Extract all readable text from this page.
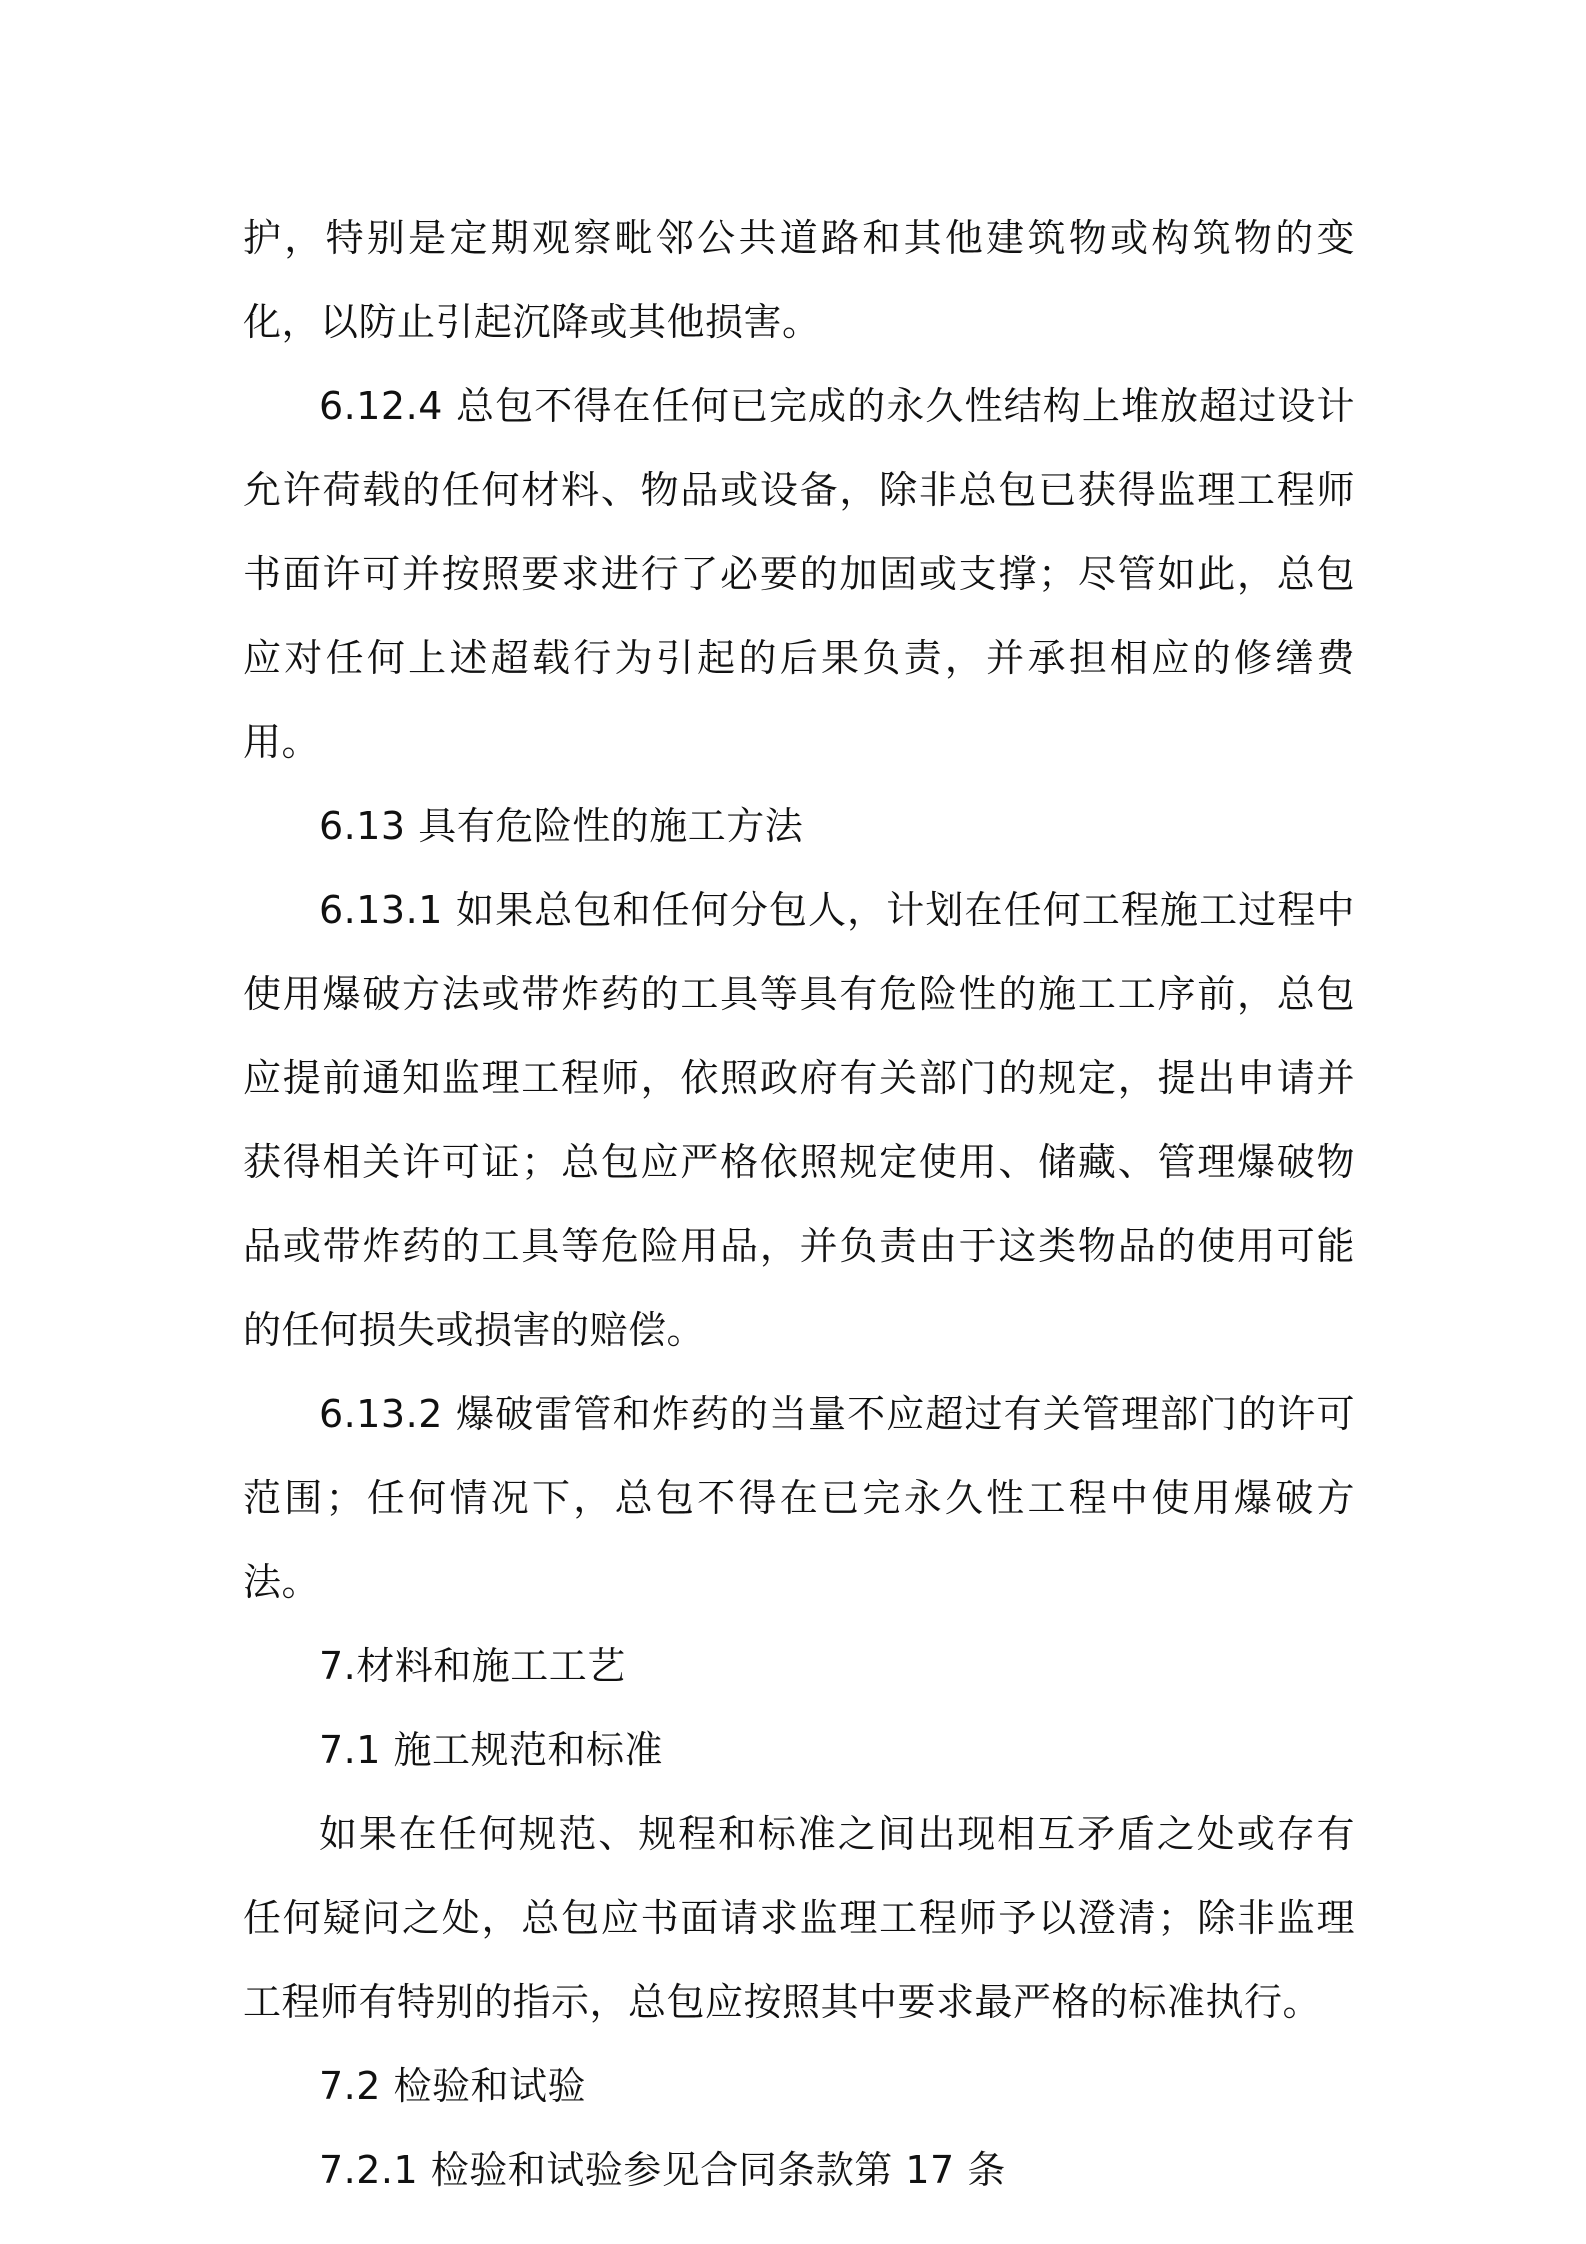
护，特别是定期观察毗邻公共道路和其他建筑物或构筑物的变化，以防止引起沉降或其他损害。

6.12.4 总包不得在任何已完成的永久性结构上堆放超过设计允许荷载的任何材料、物品或设备，除非总包已获得监理工程师书面许可并按照要求进行了必要的加固或支撑；尽管如此，总包应对任何上述超载行为引起的后果负责，并承担相应的修缮费用。

6.13 具有危险性的施工方法

6.13.1 如果总包和任何分包人，计划在任何工程施工过程中使用爆破方法或带炸药的工具等具有危险性的施工工序前，总包应提前通知监理工程师，依照政府有关部门的规定，提出申请并获得相关许可证；总包应严格依照规定使用、储藏、管理爆破物品或带炸药的工具等危险用品，并负责由于这类物品的使用可能的任何损失或损害的赔偿。

6.13.2 爆破雷管和炸药的当量不应超过有关管理部门的许可范围；任何情况下，总包不得在已完永久性工程中使用爆破方法。

7.材料和施工工艺

7.1 施工规范和标准

如果在任何规范、规程和标准之间出现相互矛盾之处或存有任何疑问之处，总包应书面请求监理工程师予以澄清；除非监理工程师有特别的指示，总包应按照其中要求最严格的标准执行。

7.2 检验和试验

7.2.1 检验和试验参见合同条款第 17 条
